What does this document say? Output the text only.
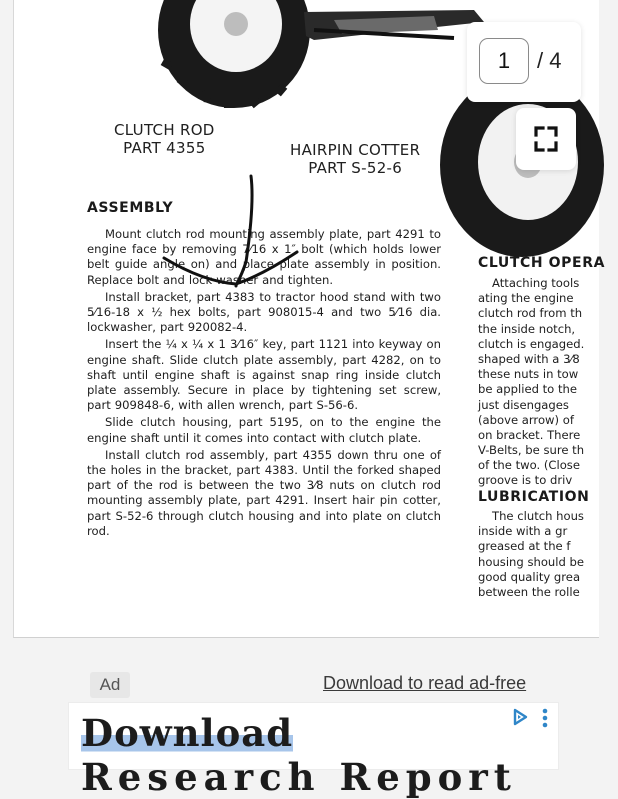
CLUTCH ROD
PART 4355	HAIRPIN COTTER
PART S-52-6
ASSEMBLY

Mount clutch rod mounting assembly plate, part 4291 to engine face by removing 7⁄16 x 1″ bolt (which holds lower belt guide angle on) and place plate assembly in position. Replace bolt and lock washer and tighten.

Install bracket, part 4383 to tractor hood stand with two 5⁄16-18 x ½ hex bolts, part 908015-4 and two 5⁄16 dia. lockwasher, part 920082-4.

Insert the ¼ x ¼ x 1 3⁄16″ key, part 1121 into keyway on engine shaft. Slide clutch plate assembly, part 4282, on to shaft until engine shaft is against snap ring inside clutch plate assembly. Secure in place by tightening set screw, part 909848-6, with allen wrench, part S-56-6.

Slide clutch housing, part 5195, on to the engine the engine shaft until it comes into contact with clutch plate.

Install clutch rod assembly, part 4355 down thru one of the holes in the bracket, part 4383. Until the forked shaped part of the rod is between the two 3⁄8 nuts on clutch rod mounting assembly plate, part 4291. Insert hair pin cotter, part S-52-6 through clutch housing and into plate on clutch rod.

CLUTCH OPERA
Attaching tools
ating the engine
clutch rod from th
the inside notch,
clutch is engaged.
shaped with a 3⁄8
these nuts in tow
be applied to the
just disengages
(above arrow) of
on bracket. There
V-Belts, be sure th
of the two. (Close
groove is to driv
LUBRICATION
The clutch hous
inside with a gr
greased at the f
housing should be
good quality grea
between the rolle
1	/ 4
Ad	Download to read ad-free
Download
Research Report
